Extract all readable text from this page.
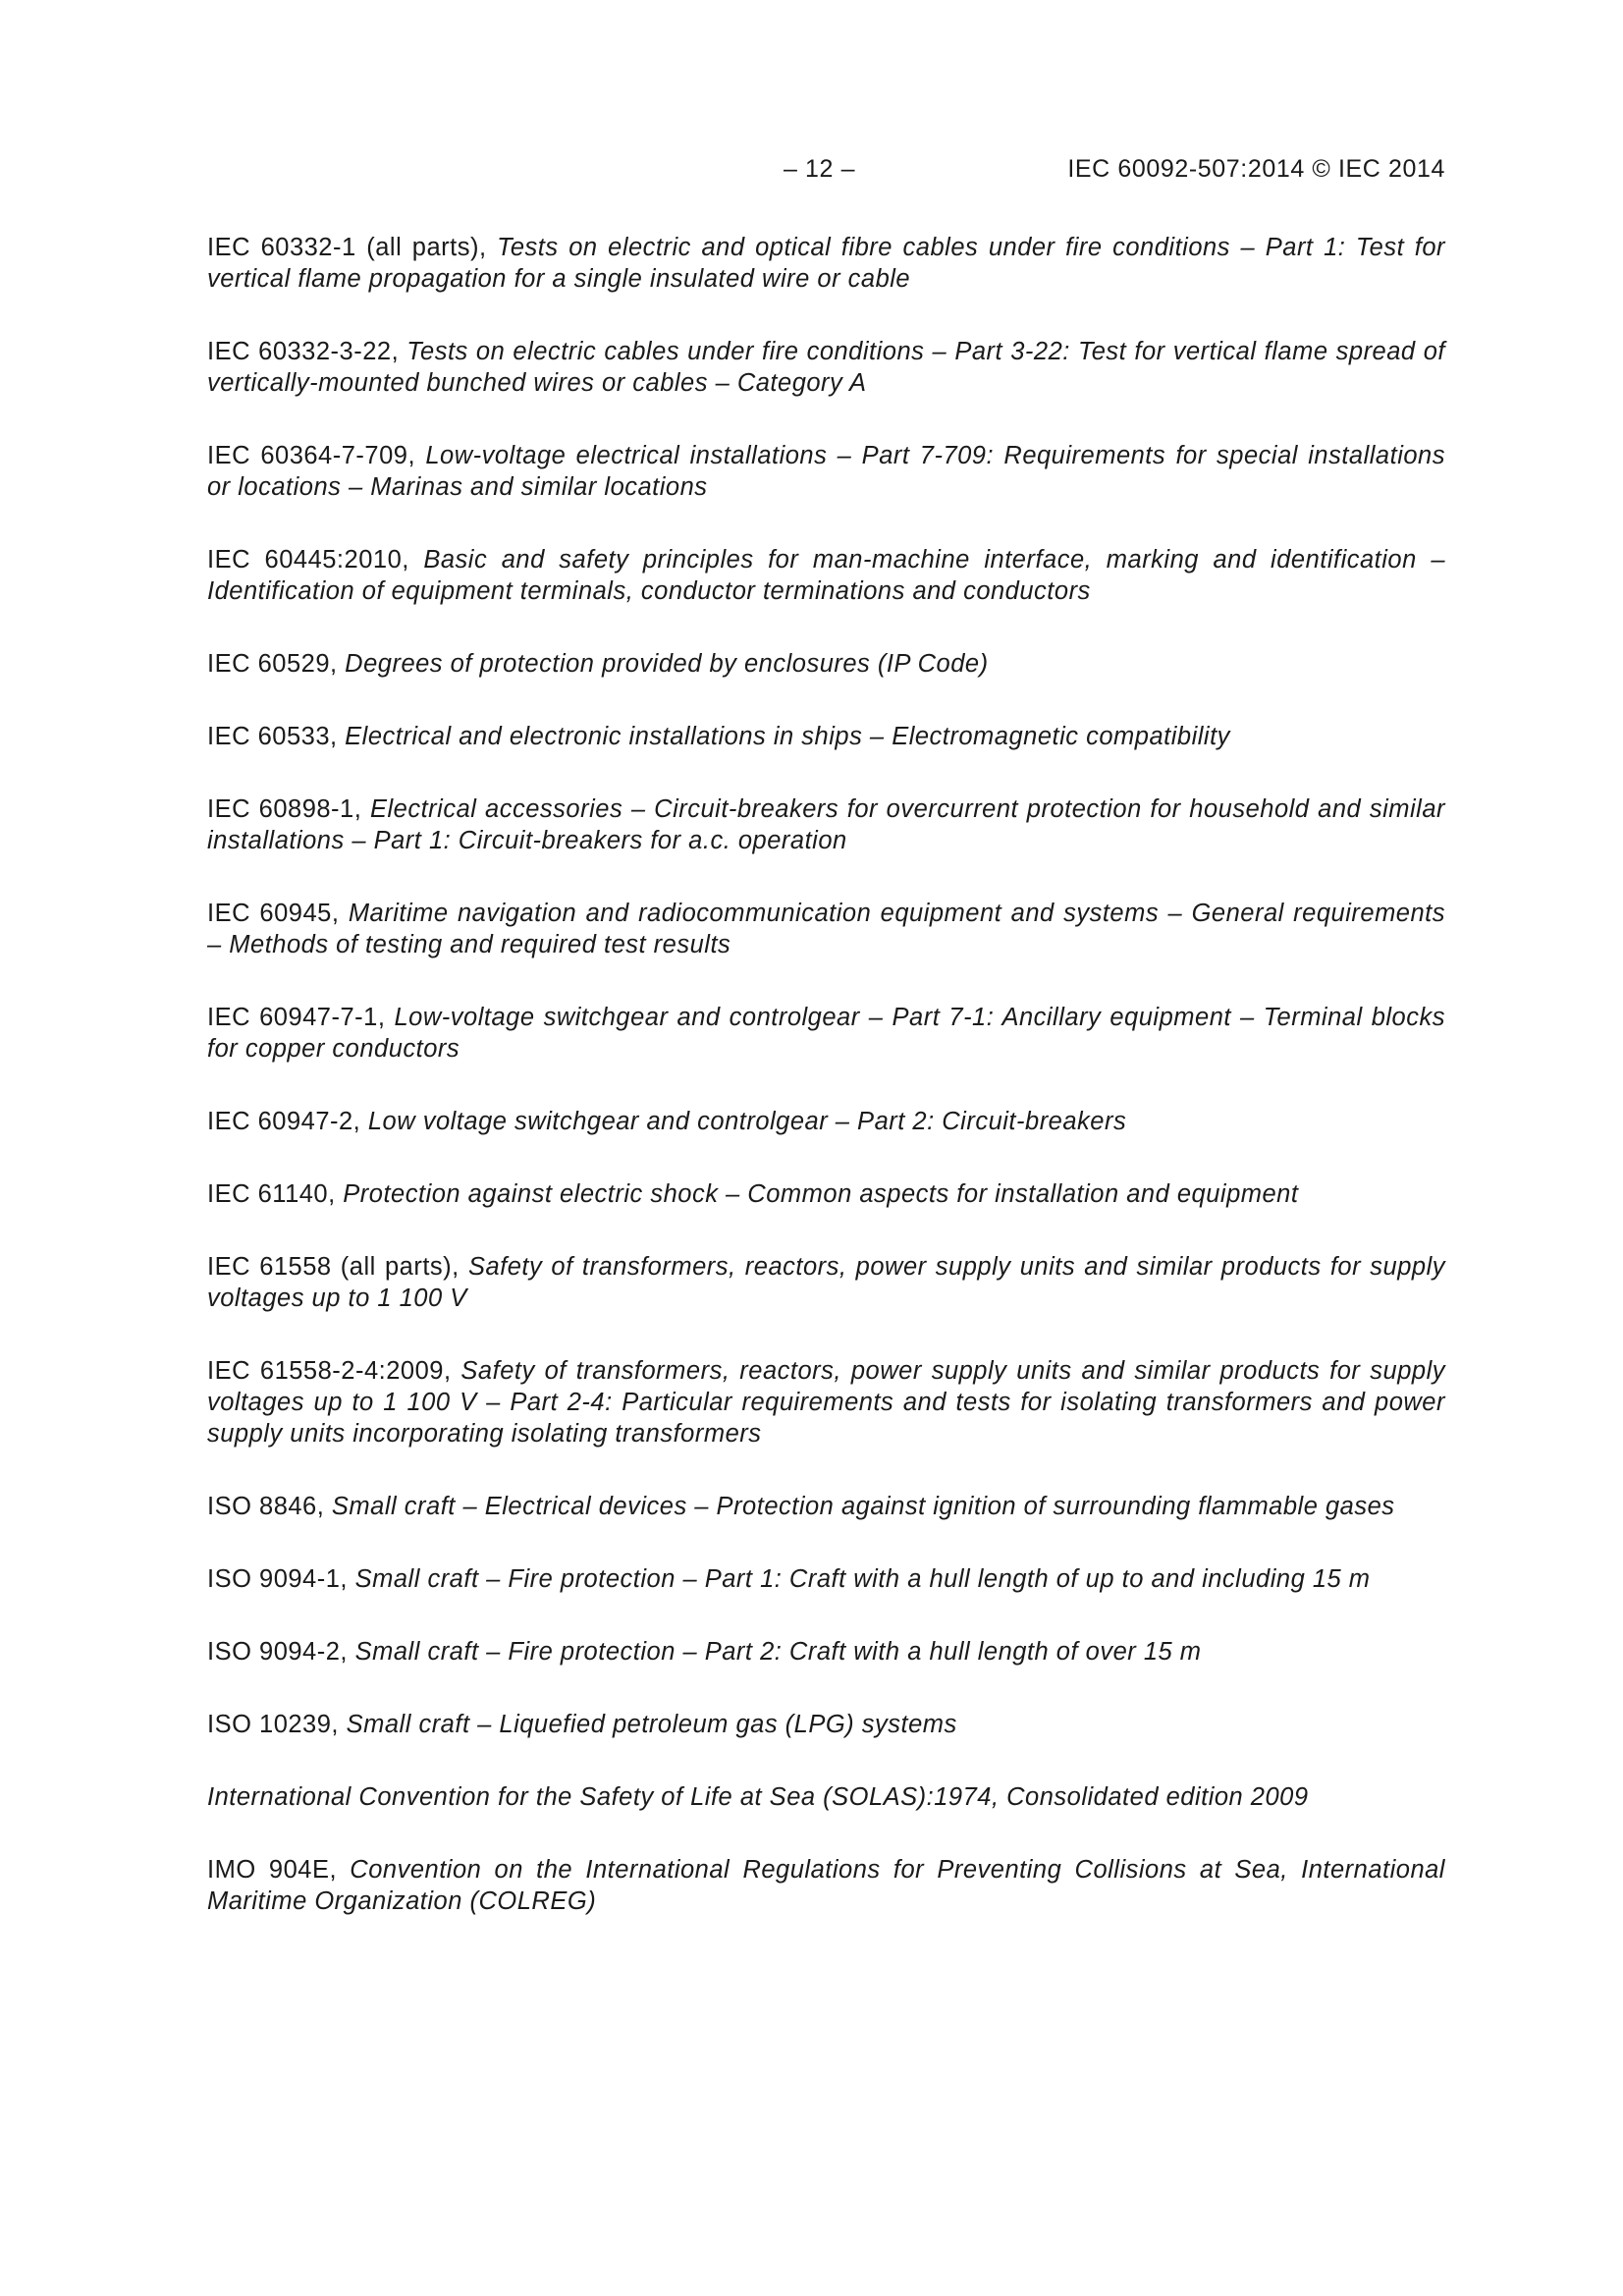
– 12 –	IEC 60092-507:2014 © IEC 2014
IEC 60332-1 (all parts), Tests on electric and optical fibre cables under fire conditions – Part 1: Test for vertical flame propagation for a single insulated wire or cable
IEC 60332-3-22, Tests on electric cables under fire conditions – Part 3-22: Test for vertical flame spread of vertically-mounted bunched wires or cables – Category A
IEC 60364-7-709, Low-voltage electrical installations – Part 7-709: Requirements for special installations or locations – Marinas and similar locations
IEC 60445:2010, Basic and safety principles for man-machine interface, marking and identification – Identification of equipment terminals, conductor terminations and conductors
IEC 60529, Degrees of protection provided by enclosures (IP Code)
IEC 60533, Electrical and electronic installations in ships – Electromagnetic compatibility
IEC 60898-1, Electrical accessories – Circuit-breakers for overcurrent protection for household and similar installations – Part 1: Circuit-breakers for a.c. operation
IEC 60945, Maritime navigation and radiocommunication equipment and systems – General requirements – Methods of testing and required test results
IEC 60947-7-1, Low-voltage switchgear and controlgear – Part 7-1: Ancillary equipment – Terminal blocks for copper conductors
IEC 60947-2, Low voltage switchgear and controlgear – Part 2: Circuit-breakers
IEC 61140, Protection against electric shock – Common aspects for installation and equipment
IEC 61558 (all parts), Safety of transformers, reactors, power supply units and similar products for supply voltages up to 1 100 V
IEC 61558-2-4:2009, Safety of transformers, reactors, power supply units and similar products for supply voltages up to 1 100 V – Part 2-4: Particular requirements and tests for isolating transformers and power supply units incorporating isolating transformers
ISO 8846, Small craft – Electrical devices – Protection against ignition of surrounding flammable gases
ISO 9094-1, Small craft – Fire protection – Part 1: Craft with a hull length of up to and including 15 m
ISO 9094-2, Small craft – Fire protection – Part 2: Craft with a hull length of over 15 m
ISO 10239, Small craft – Liquefied petroleum gas (LPG) systems
International Convention for the Safety of Life at Sea (SOLAS):1974, Consolidated edition 2009
IMO 904E, Convention on the International Regulations for Preventing Collisions at Sea, International Maritime Organization (COLREG)
